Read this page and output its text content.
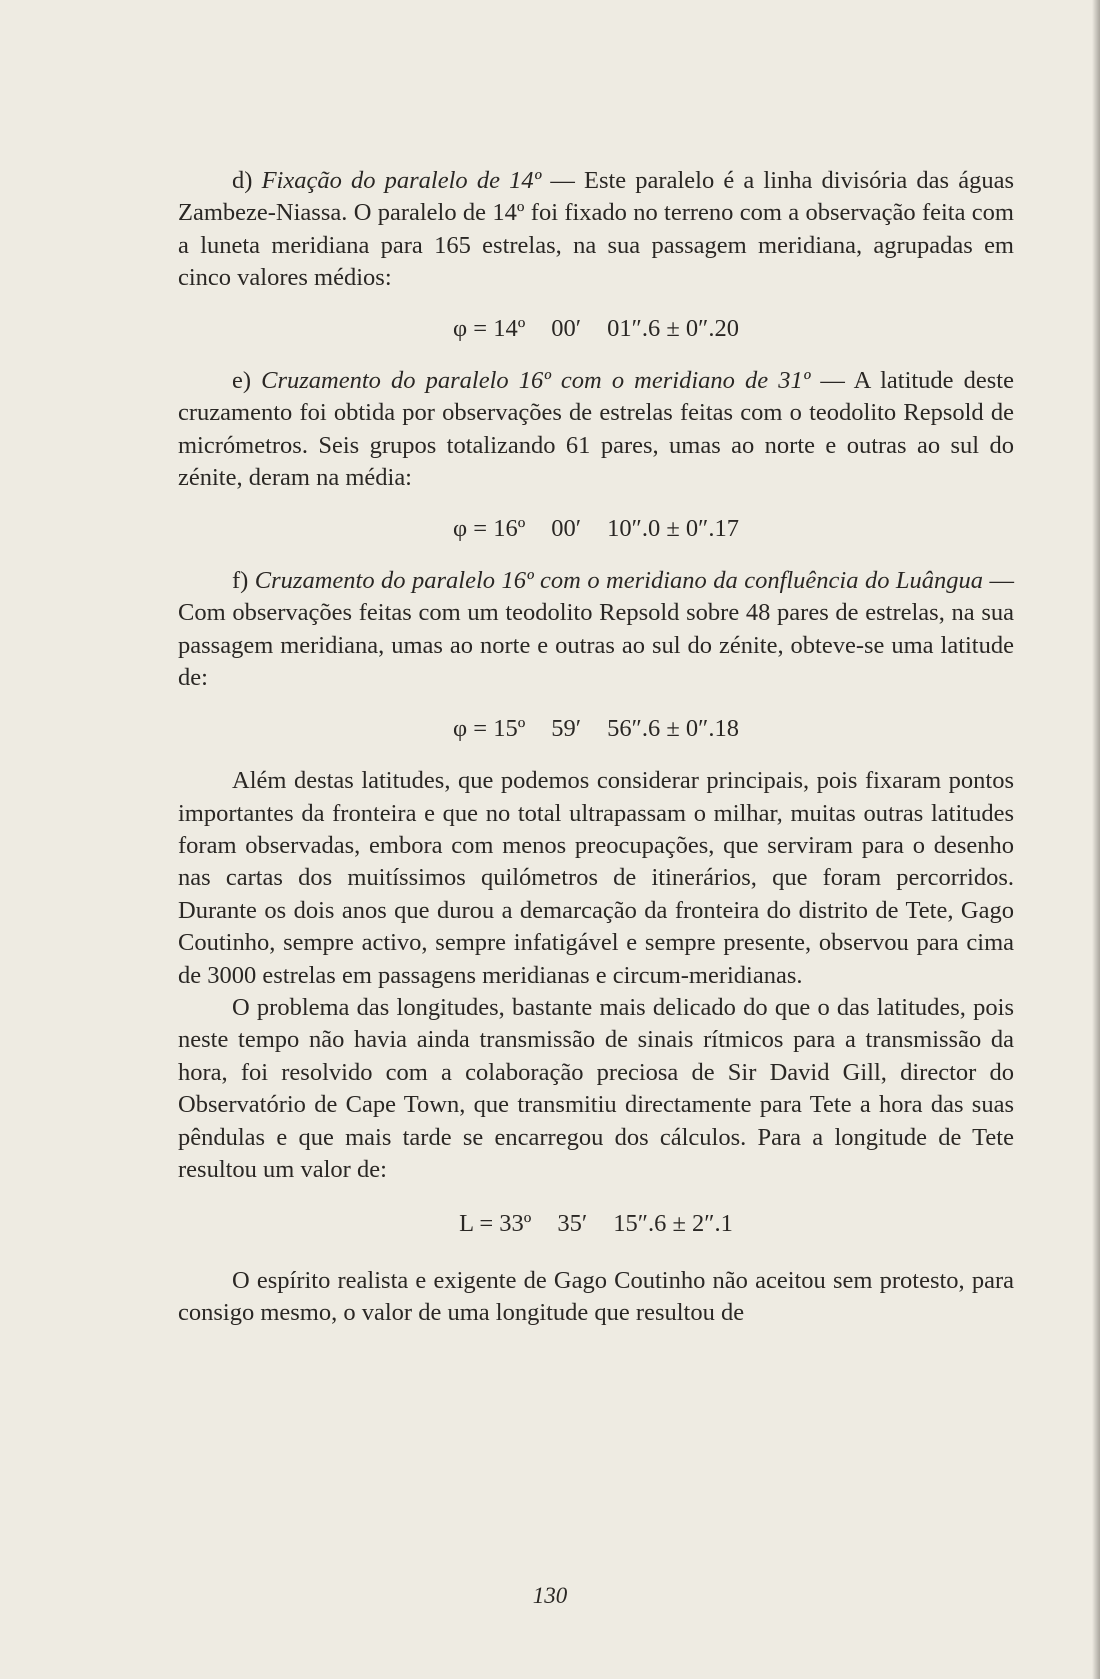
d) Fixação do paralelo de 14º — Este paralelo é a linha divisória das águas Zambeze-Niassa. O paralelo de 14º foi fixado no terreno com a observação feita com a luneta meridiana para 165 estrelas, na sua passagem meridiana, agrupadas em cinco valores médios:

φ = 14º 00′ 01″.6 ± 0″.20

e) Cruzamento do paralelo 16º com o meridiano de 31º — A latitude deste cruzamento foi obtida por observações de estrelas feitas com o teodolito Repsold de micrómetros. Seis grupos totalizando 61 pares, umas ao norte e outras ao sul do zénite, deram na média:

φ = 16º 00′ 10″.0 ± 0″.17

f) Cruzamento do paralelo 16º com o meridiano da confluência do Luângua — Com observações feitas com um teodolito Repsold sobre 48 pares de estrelas, na sua passagem meridiana, umas ao norte e outras ao sul do zénite, obteve-se uma latitude de:

φ = 15º 59′ 56″.6 ± 0″.18

Além destas latitudes, que podemos considerar principais, pois fixaram pontos importantes da fronteira e que no total ultrapassam o milhar, muitas outras latitudes foram observadas, embora com menos preocupações, que serviram para o desenho nas cartas dos muitíssimos quilómetros de itinerários, que foram percorridos. Durante os dois anos que durou a demarcação da fronteira do distrito de Tete, Gago Coutinho, sempre activo, sempre infatigável e sempre presente, observou para cima de 3000 estrelas em passagens meridianas e circum-meridianas.

O problema das longitudes, bastante mais delicado do que o das latitudes, pois neste tempo não havia ainda transmissão de sinais rítmicos para a transmissão da hora, foi resolvido com a colaboração preciosa de Sir David Gill, director do Observatório de Cape Town, que transmitiu directamente para Tete a hora das suas pêndulas e que mais tarde se encarregou dos cálculos. Para a longitude de Tete resultou um valor de:

L = 33º 35′ 15″.6 ± 2″.1

O espírito realista e exigente de Gago Coutinho não aceitou sem protesto, para consigo mesmo, o valor de uma longitude que resultou de

130
